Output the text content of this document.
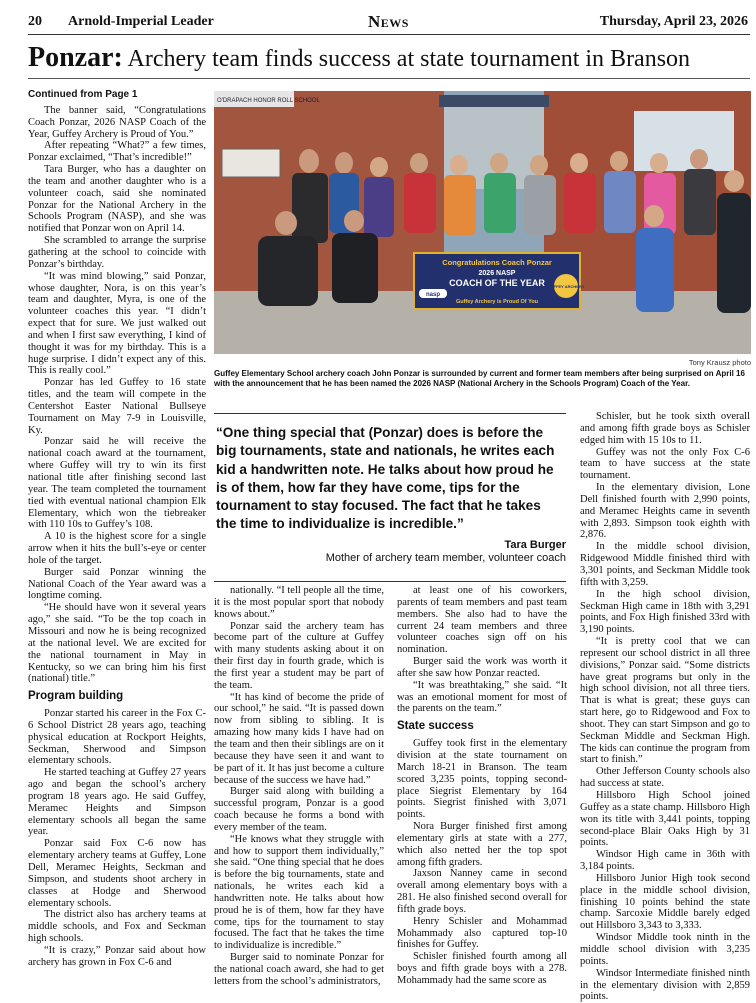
20 Arnold-Imperial Leader	News	Thursday, April 23, 2026
Ponzar: Archery team finds success at state tournament in Branson

Continued from Page 1

The banner said, “Congratulations Coach Ponzar, 2026 NASP Coach of the Year, Guffey Archery is Proud of You.”

After repeating “What?” a few times, Ponzar exclaimed, “That’s incredible!”

Tara Burger, who has a daughter on the team and another daughter who is a volunteer coach, said she nominated Ponzar for the National Archery in the Schools Program (NASP), and she was notified that Ponzar won on April 14.

She scrambled to arrange the surprise gathering at the school to coincide with Ponzar’s birthday.

“It was mind blowing,” said Ponzar, whose daughter, Nora, is on this year’s team and daughter, Myra, is one of the volunteer coaches this year. “I didn’t expect that for sure. We just walked out and when I first saw everything, I kind of thought it was for my birthday. This is a huge surprise. I didn’t expect any of this. This is really cool.”

Ponzar has led Guffey to 16 state titles, and the team will compete in the Centershot Easter National Bullseye Tournament on May 7-9 in Louisville, Ky.

Ponzar said he will receive the national coach award at the tournament, where Guffey will try to win its first national title after finishing second last year. The team completed the tournament tied with eventual national champion Elk Elementary, which won the tiebreaker with 110 10s to Guffey’s 108.

A 10 is the highest score for a single arrow when it hits the bull’s-eye or center hole of the target.

Burger said Ponzar winning the National Coach of the Year award was a longtime coming.

“He should have won it several years ago,” she said. “To be the top coach in Missouri and now he is being recognized at the national level. We are excited for the national tournament in May in Kentucky, so we can bring him his first (national) title.”

Program building

Ponzar started his career in the Fox C-6 School District 28 years ago, teaching physical education at Rockport Heights, Seckman, Sherwood and Simpson elementary schools.

He started teaching at Guffey 27 years ago and began the school’s archery program 18 years ago. He said Guffey, Meramec Heights and Simpson elementary schools all began the same year.

Ponzar said Fox C-6 now has elementary archery teams at Guffey, Lone Dell, Meramec Heights, Seckman and Simpson, and students shoot archery in classes at Hodge and Sherwood elementary schools.

The district also has archery teams at middle schools, and Fox and Seckman high schools.

“It is crazy,” Ponzar said about how archery has grown in Fox C-6 and

O'DRAPACH HONOR ROLL SCHOOL
Congratulations Coach Ponzar
2026 NASP
COACH OF THE YEAR
Guffey Archery is Proud Of You
nasp
GUFFEY ARCHERY
Tony Krausz photo
Guffey Elementary School archery coach John Ponzar is surrounded by current and former team members after being surprised on April 16 with the announcement that he has been named the 2026 NASP (National Archery in the Schools Program) Coach of the Year.
“One thing special that (Ponzar) does is before the big tournaments, state and nationals, he writes each kid a handwritten note. He talks about how proud he is of them, how far they have come, tips for the tournament to stay focused. The fact that he takes the time to individualize is incredible.”
Tara Burger
Mother of archery team member, volunteer coach

nationally. “I tell people all the time, it is the most popular sport that nobody knows about.”

Ponzar said the archery team has become part of the culture at Guffey with many students asking about it on their first day in fourth grade, which is the first year a student may be part of the team.

“It has kind of become the pride of our school,” he said. “It is passed down now from sibling to sibling. It is amazing how many kids I have had on the team and then their siblings are on it because they have seen it and want to be part of it. It has just become a culture because of the success we have had.”

Burger said along with building a successful program, Ponzar is a good coach because he forms a bond with every member of the team.

“He knows what they struggle with and how to support them individually,” she said. “One thing special that he does is before the big tournaments, state and nationals, he writes each kid a handwritten note. He talks about how proud he is of them, how far they have come, tips for the tournament to stay focused. The fact that he takes the time to individualize is incredible.”

Burger said to nominate Ponzar for the national coach award, she had to get letters from the school’s administrators,

at least one of his coworkers, parents of team members and past team members. She also had to have the current 24 team members and three volunteer coaches sign off on his nomination.

Burger said the work was worth it after she saw how Ponzar reacted.

“It was breathtaking,” she said. “It was an emotional moment for most of the parents on the team.”

State success

Guffey took first in the elementary division at the state tournament on March 18-21 in Branson. The team scored 3,235 points, topping second-place Siegrist Elementary by 164 points. Siegrist finished with 3,071 points.

Nora Burger finished first among elementary girls at state with a 277, which also netted her the top spot among fifth graders.

Jaxson Nanney came in second overall among elementary boys with a 281. He also finished second overall for fifth grade boys.

Henry Schisler and Mohammad Mohammady also captured top-10 finishes for Guffey.

Schisler finished fourth among all boys and fifth grade boys with a 278. Mohammady had the same score as

Schisler, but he took sixth overall and among fifth grade boys as Schisler edged him with 15 10s to 11.

Guffey was not the only Fox C-6 team to have success at the state tournament.

In the elementary division, Lone Dell finished fourth with 2,990 points, and Meramec Heights came in seventh with 2,893. Simpson took eighth with 2,876.

In the middle school division, Ridgewood Middle finished third with 3,301 points, and Seckman Middle took fifth with 3,259.

In the high school division, Seckman High came in 18th with 3,291 points, and Fox High finished 33rd with 3,190 points.

“It is pretty cool that we can represent our school district in all three divisions,” Ponzar said. “Some districts have great programs but only in the high school division, not all three tiers. That is what is great; these guys can start here, go to Ridgewood and Fox to shoot. They can start Simpson and go to Seckman Middle and Seckman High. The kids can continue the program from start to finish.”

Other Jefferson County schools also had success at state.

Hillsboro High School joined Guffey as a state champ. Hillsboro High won its title with 3,441 points, topping second-place Blair Oaks High by 31 points.

Windsor High came in 36th with 3,184 points.

Hillsboro Junior High took second place in the middle school division, finishing 10 points behind the state champ. Sarcoxie Middle barely edged out Hillsboro 3,343 to 3,333.

Windsor Middle took ninth in the middle school division with 3,235 points.

Windsor Intermediate finished ninth in the elementary division with 2,859 points.
